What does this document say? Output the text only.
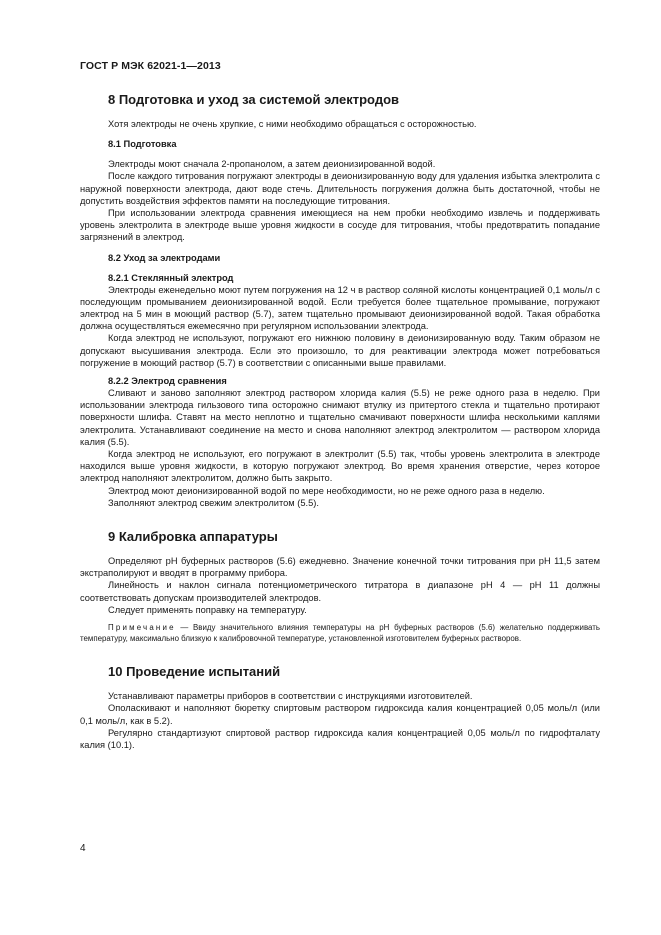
ГОСТ Р МЭК 62021-1—2013
8 Подготовка и уход за системой электродов

Хотя электроды не очень хрупкие, с ними необходимо обращаться с осторожностью.

8.1 Подготовка

Электроды моют сначала 2-пропанолом, а затем деионизированной водой.

После каждого титрования погружают электроды в деионизированную воду для удаления избытка электролита с наружной поверхности электрода, дают воде стечь. Длительность погружения должна быть достаточной, чтобы не допустить воздействия эффектов памяти на последующие титрования.

При использовании электрода сравнения имеющиеся на нем пробки необходимо извлечь и поддерживать уровень электролита в электроде выше уровня жидкости в сосуде для титрования, чтобы предотвратить попадание загрязнений в электрод.

8.2 Уход за электродами
8.2.1 Стеклянный электрод

Электроды еженедельно моют путем погружения на 12 ч в раствор соляной кислоты концентрацией 0,1 моль/л с последующим промыванием деионизированной водой. Если требуется более тщательное промывание, погружают электрод на 5 мин в моющий раствор (5.7), затем тщательно промывают деионизированной водой. Такая обработка должна осуществляться ежемесячно при регулярном использовании электрода.

Когда электрод не используют, погружают его нижнюю половину в деионизированную воду. Таким образом не допускают высушивания электрода. Если это произошло, то для реактивации электрода может потребоваться погружение в моющий раствор (5.7) в соответствии с описанными выше правилами.

8.2.2 Электрод сравнения

Сливают и заново заполняют электрод раствором хлорида калия (5.5) не реже одного раза в неделю. При использовании электрода гильзового типа осторожно снимают втулку из притертого стекла и тщательно протирают поверхности шлифа. Ставят на место неплотно и тщательно смачивают поверхности шлифа несколькими каплями электролита. Устанавливают соединение на место и снова наполняют электрод электролитом — раствором хлорида калия (5.5).

Когда электрод не используют, его погружают в электролит (5.5) так, чтобы уровень электролита в электроде находился выше уровня жидкости, в которую погружают электрод. Во время хранения отверстие, через которое электрод наполняют электролитом, должно быть закрыто.

Электрод моют деионизированной водой по мере необходимости, но не реже одного раза в неделю.

Заполняют электрод свежим электролитом (5.5).

9 Калибровка аппаратуры

Определяют pH буферных растворов (5.6) ежедневно. Значение конечной точки титрования при pH 11,5 затем экстраполируют и вводят в программу прибора.

Линейность и наклон сигнала потенциометрического титратора в диапазоне pH 4 — pH 11 должны соответствовать допускам производителей электродов.

Следует применять поправку на температуру.

Примечание — Ввиду значительного влияния температуры на pH буферных растворов (5.6) желательно поддерживать температуру, максимально близкую к калибровочной температуре, установленной изготовителем буферных растворов.

10 Проведение испытаний

Устанавливают параметры приборов в соответствии с инструкциями изготовителей.

Ополаскивают и наполняют бюретку спиртовым раствором гидроксида калия концентрацией 0,05 моль/л (или 0,1 моль/л, как в 5.2).

Регулярно стандартизуют спиртовой раствор гидроксида калия концентрацией 0,05 моль/л по гидрофталату калия (10.1).

4
